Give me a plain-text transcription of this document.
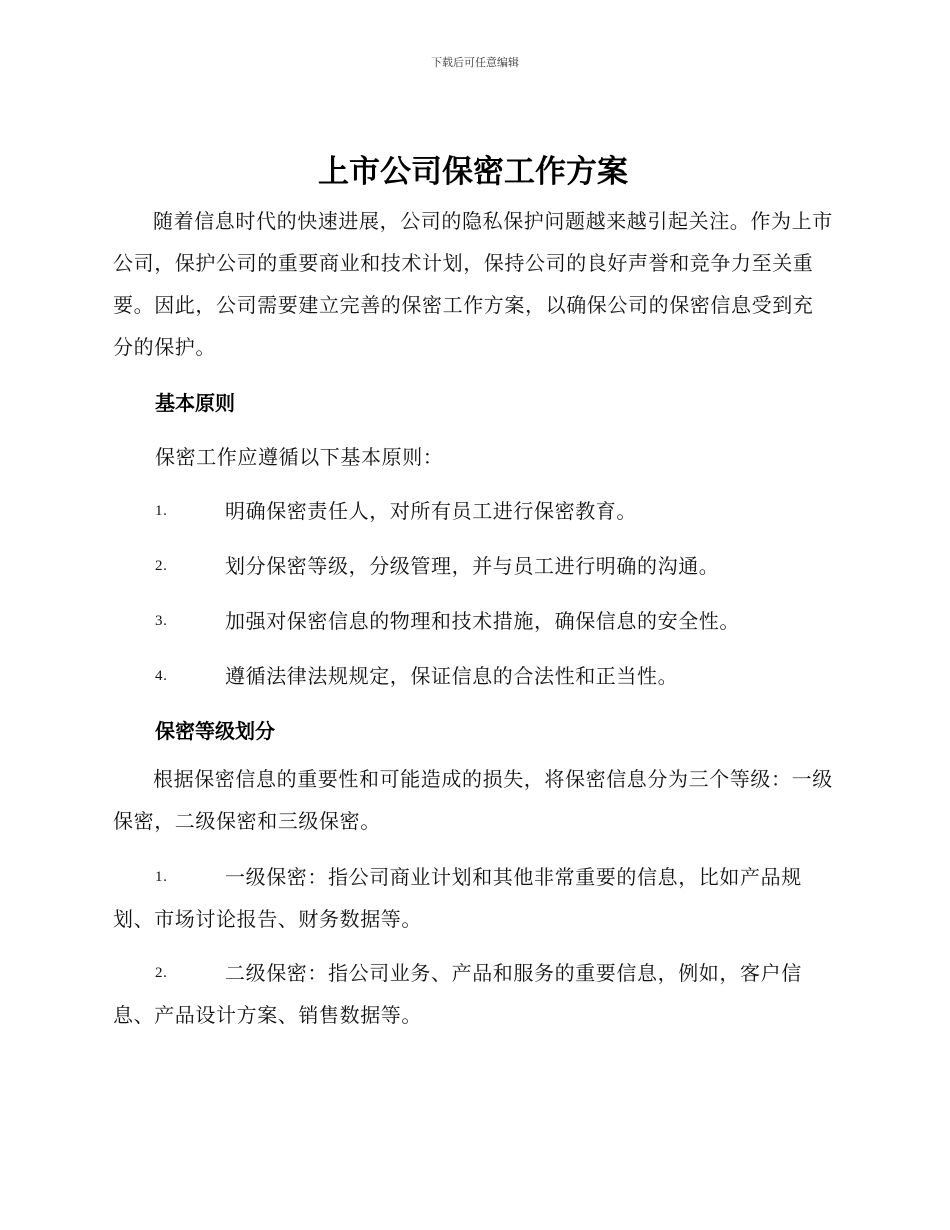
下载后可任意编辑
上市公司保密工作方案

随着信息时代的快速进展，公司的隐私保护问题越来越引起关注。作为上市公司，保护公司的重要商业和技术计划，保持公司的良好声誉和竞争力至关重要。因此，公司需要建立完善的保密工作方案，以确保公司的保密信息受到充分的保护。

基本原则

保密工作应遵循以下基本原则：

1.	明确保密责任人，对所有员工进行保密教育。

2.	划分保密等级，分级管理，并与员工进行明确的沟通。

3.	加强对保密信息的物理和技术措施，确保信息的安全性。

4.	遵循法律法规规定，保证信息的合法性和正当性。

保密等级划分

根据保密信息的重要性和可能造成的损失，将保密信息分为三个等级：一级保密，二级保密和三级保密。

1.	一级保密：指公司商业计划和其他非常重要的信息，比如产品规划、市场讨论报告、财务数据等。

2.	二级保密：指公司业务、产品和服务的重要信息，例如，客户信息、产品设计方案、销售数据等。
